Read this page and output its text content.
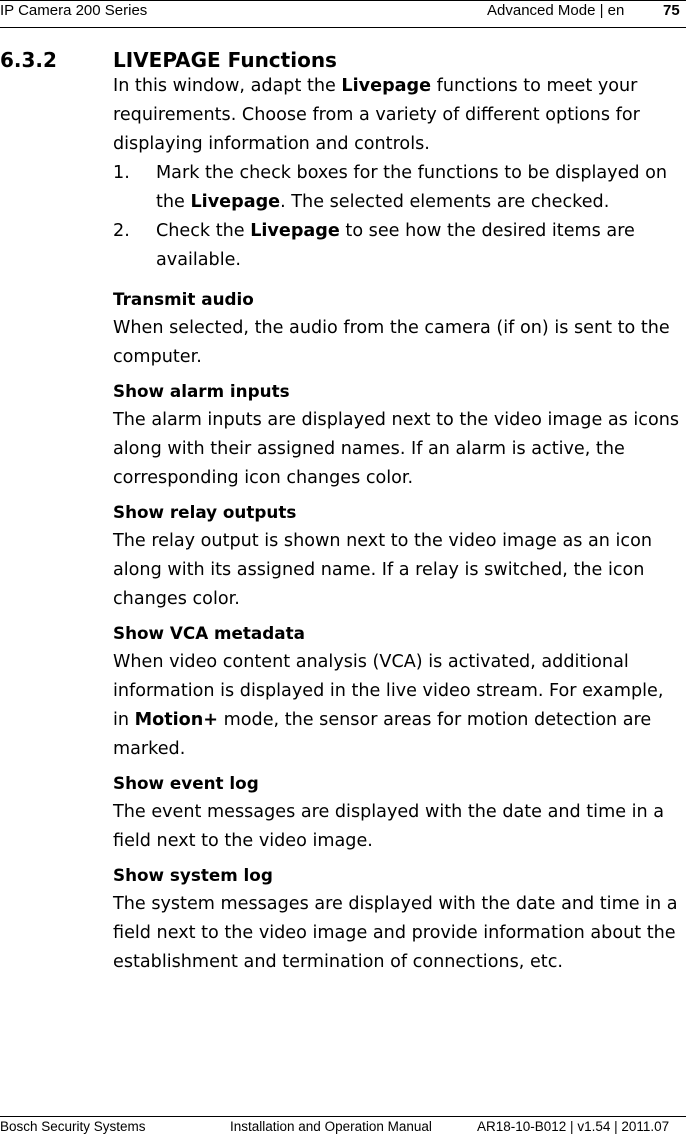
IP Camera 200 Series	Advanced Mode | en	75
6.3.2	LIVEPAGE Functions

In this window, adapt the Livepage functions to meet your requirements. Choose from a variety of different options for displaying information and controls.

1. Mark the check boxes for the functions to be displayed on the Livepage. The selected elements are checked.
2. Check the Livepage to see how the desired items are available.

Transmit audio

When selected, the audio from the camera (if on) is sent to the computer.

Show alarm inputs

The alarm inputs are displayed next to the video image as icons along with their assigned names. If an alarm is active, the corresponding icon changes color.

Show relay outputs

The relay output is shown next to the video image as an icon along with its assigned name. If a relay is switched, the icon changes color.

Show VCA metadata

When video content analysis (VCA) is activated, additional information is displayed in the live video stream. For example, in Motion+ mode, the sensor areas for motion detection are marked.

Show event log

The event messages are displayed with the date and time in a field next to the video image.

Show system log

The system messages are displayed with the date and time in a field next to the video image and provide information about the establishment and termination of connections, etc.

Bosch Security Systems	Installation and Operation Manual	AR18-10-B012 | v1.54 | 2011.07
